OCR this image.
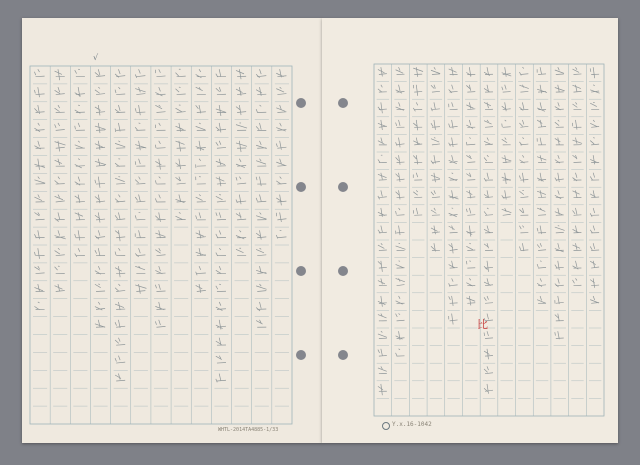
√
WHTL-2014TA4885-1/33
比
Y.x.16-1042
